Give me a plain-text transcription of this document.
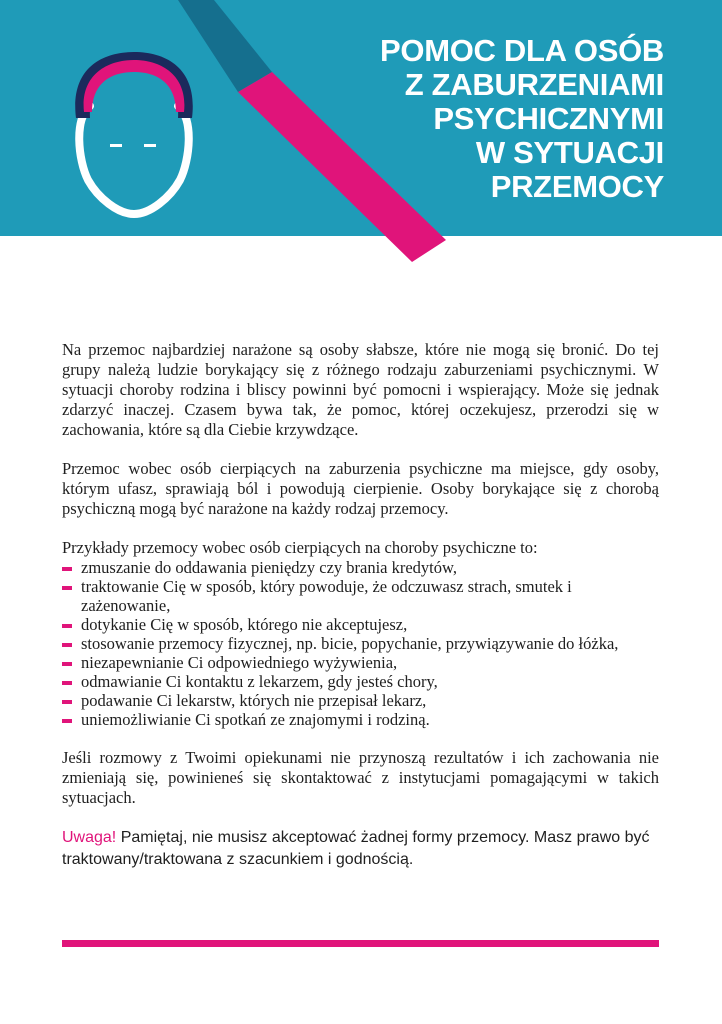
POMOC DLA OSÓB
Z ZABURZENIAMI
PSYCHICZNYMI
W SYTUACJI
PRZEMOCY

Na przemoc najbardziej narażone są osoby słabsze, które nie mogą się bronić. Do tej grupy należą ludzie borykający się z różnego rodzaju zaburzeniami psychicznymi. W sytuacji choroby rodzina i bliscy powinni być pomocni i wspierający. Może się jednak zdarzyć inaczej. Czasem bywa tak, że pomoc, której oczekujesz, przerodzi się w zachowania, które są dla Ciebie krzywdzące.

Przemoc wobec osób cierpiących na zaburzenia psychiczne ma miejsce, gdy osoby, którym ufasz, sprawiają ból i powodują cierpienie. Osoby borykające się z chorobą psychiczną mogą być narażone na każdy rodzaj przemocy.

Przykłady przemocy wobec osób cierpiących na choroby psychiczne to:

zmuszanie do oddawania pieniędzy czy brania kredytów,
traktowanie Cię w sposób, który powoduje, że odczuwasz strach, smutek i zażenowanie,
dotykanie Cię w sposób, którego nie akceptujesz,
stosowanie przemocy fizycznej, np. bicie, popychanie, przywiązywanie do łóżka,
niezapewnianie Ci odpowiedniego wyżywienia,
odmawianie Ci kontaktu z lekarzem, gdy jesteś chory,
podawanie Ci lekarstw, których nie przepisał lekarz,
uniemożliwianie Ci spotkań ze znajomymi i rodziną.

Jeśli rozmowy z Twoimi opiekunami nie przynoszą rezultatów i ich zachowania nie zmieniają się, powinieneś się skontaktować z instytucjami pomagającymi w takich sytuacjach.

Uwaga! Pamiętaj, nie musisz akceptować żadnej formy przemocy. Masz prawo być traktowany/traktowana z szacunkiem i godnością.
